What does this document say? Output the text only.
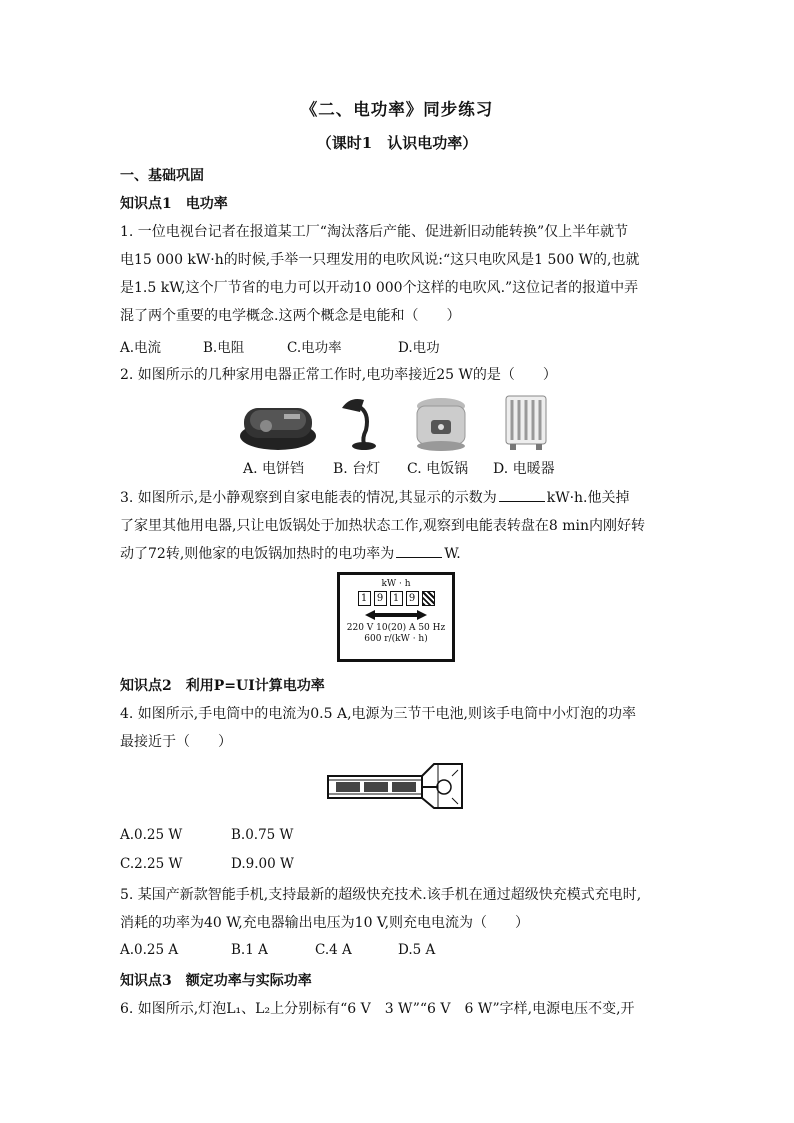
《二、电功率》同步练习
（课时1　认识电功率）
一、基础巩固
知识点1　电功率
1. 一位电视台记者在报道某工厂“淘汰落后产能、促进新旧动能转换”仅上半年就节
电15 000 kW·h的时候,手举一只理发用的电吹风说:“这只电吹风是1 500 W的,也就
是1.5 kW,这个厂节省的电力可以开动10 000个这样的电吹风.”这位记者的报道中弄
混了两个重要的电学概念.这两个概念是电能和（　　）
A.电流	B.电阻	C.电功率	D.电功
2. 如图所示的几种家用电器正常工作时,电功率接近25 W的是（　　）
A. 电饼铛 B. 台灯 C. 电饭锅 D. 电暖器
3. 如图所示,是小静观察到自家电能表的情况,其显示的示数为	kW·h.他关掉
了家里其他用电器,只让电饭锅处于加热状态工作,观察到电能表转盘在8 min内刚好转
动了72转,则他家的电饭锅加热时的电功率为	W.
kW · h
1 9 1 9
220 V 10(20) A 50 Hz
600 r/(kW · h)
知识点2　利用P=UI计算电功率
4. 如图所示,手电筒中的电流为0.5 A,电源为三节干电池,则该手电筒中小灯泡的功率
最接近于（　　）
A.0.25 W	B.0.75 W
C.2.25 W	D.9.00 W
5. 某国产新款智能手机,支持最新的超级快充技术.该手机在通过超级快充模式充电时,
消耗的功率为40 W,充电器输出电压为10 V,则充电电流为（　　）
A.0.25 A	B.1 A	C.4 A	D.5 A
知识点3　额定功率与实际功率
6. 如图所示,灯泡L₁、L₂上分别标有“6 V　3 W”“6 V　6 W”字样,电源电压不变,开
